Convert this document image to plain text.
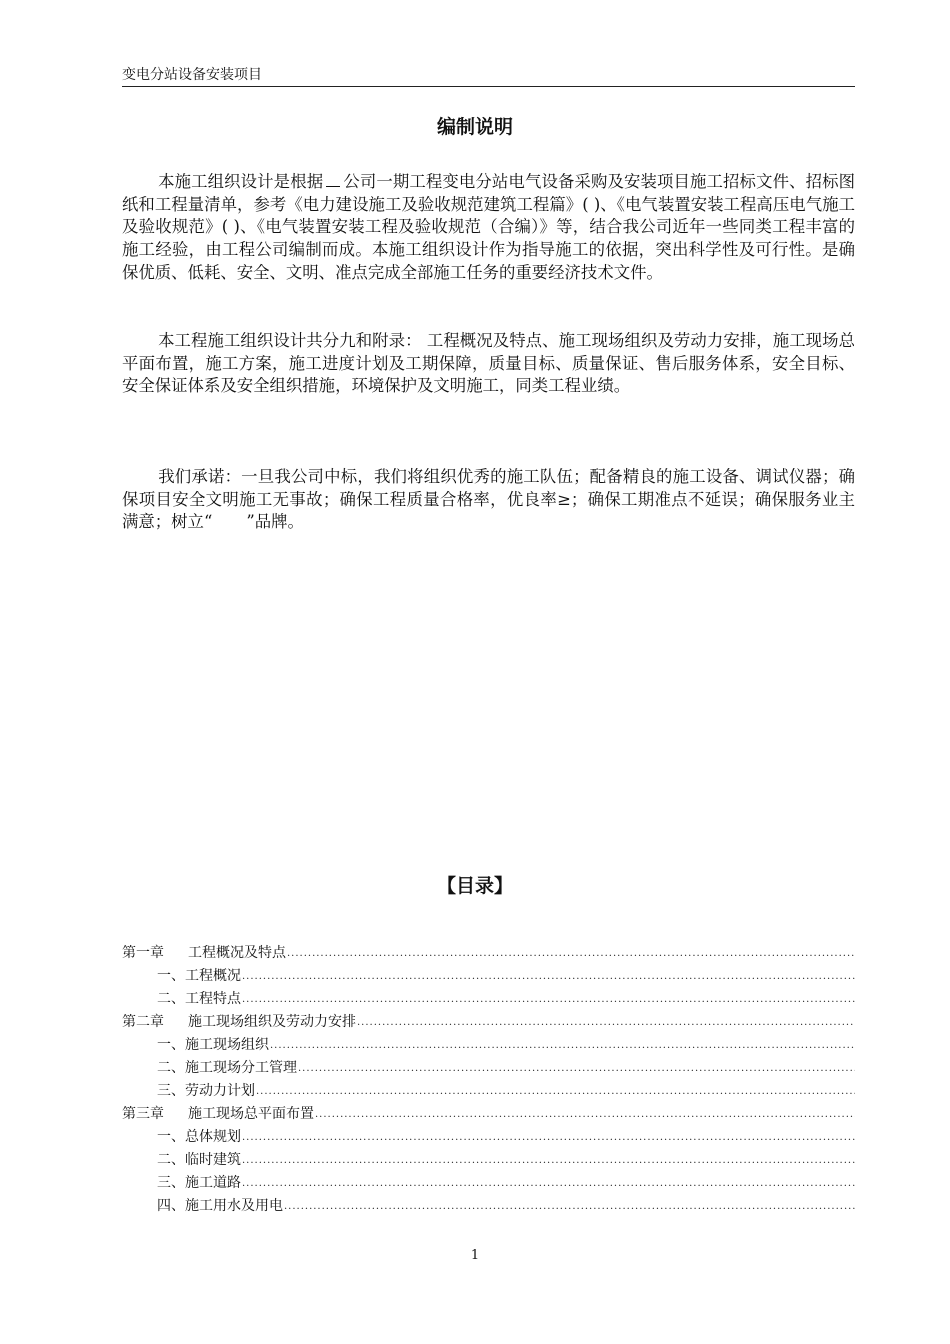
变电分站设备安装项目
编制说明

本施工组织设计是根据 公司一期工程变电分站电气设备采购及安装项目施工招标文件、招标图纸和工程量清单，参考《电力建设施工及验收规范建筑工程篇》( )、《电气装置安装工程高压电气施工及验收规范》( )、《电气装置安装工程及验收规范（合编）》等，结合我公司近年一些同类工程丰富的施工经验，由工程公司编制而成。本施工组织设计作为指导施工的依据，突出科学性及可行性。是确保优质、低耗、安全、文明、准点完成全部施工任务的重要经济技术文件。

本工程施工组织设计共分九和附录： 工程概况及特点、施工现场组织及劳动力安排，施工现场总平面布置，施工方案，施工进度计划及工期保障，质量目标、质量保证、售后服务体系，安全目标、安全保证体系及安全组织措施，环境保护及文明施工，同类工程业绩。

我们承诺：一旦我公司中标，我们将组织优秀的施工队伍；配备精良的施工设备、调试仪器；确保项目安全文明施工无事故；确保工程质量合格率，优良率≥；确保工期准点不延误；确保服务业主满意；树立“ ”品牌。

【目录】
第一章	工程概况及特点
.....
一、工程概况
.....
二、工程特点
.....
第二章	施工现场组织及劳动力安排
.....
一、施工现场组织
.....
二、施工现场分工管理
.....
三、劳动力计划
.....
第三章	施工现场总平面布置
.....
一、总体规划
.....
二、临时建筑
.....
三、施工道路
.....
四、施工用水及用电
.....
1
